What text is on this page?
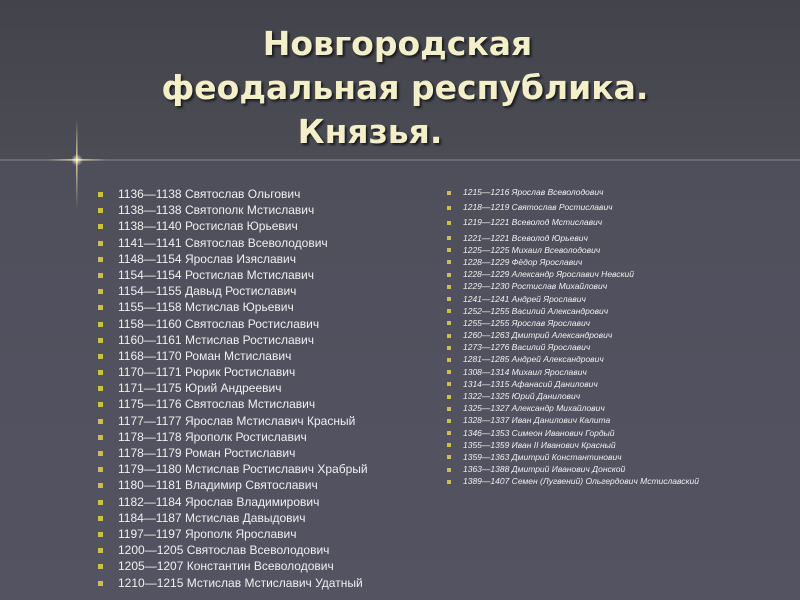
Новгородская
феодальная республика.
Князья.
1136—1138 Святослав Ольгович
1138—1138 Святополк Мстиславич
1138—1140 Ростислав Юрьевич
1141—1141 Святослав Всеволодович
1148—1154 Ярослав Изяславич
1154—1154 Ростислав Мстиславич
1154—1155 Давыд Ростиславич
1155—1158 Мстислав Юрьевич
1158—1160 Святослав Ростиславич
1160—1161 Мстислав Ростиславич
1168—1170 Роман Мстиславич
1170—1171 Рюрик Ростиславич
1171—1175 Юрий Андреевич
1175—1176 Святослав Мстиславич
1177—1177 Ярослав Мстиславич Красный
1178—1178 Ярополк Ростиславич
1178—1179 Роман Ростиславич
1179—1180 Мстислав Ростиславич Храбрый
1180—1181 Владимир Святославич
1182—1184 Ярослав Владимирович
1184—1187 Мстислав Давыдович
1197—1197 Ярополк Ярославич
1200—1205 Святослав Всеволодович
1205—1207 Константин Всеволодович
1210—1215 Мстислав Мстиславич Удатный
1215—1216 Ярослав Всеволодович
1218—1219 Святослав Ростиславич
1219—1221 Всеволод Мстиславич
1221—1221 Всеволод Юрьевич
1225—1225 Михаил Всеволодович
1228—1229 Фёдор Ярославич
1228—1229 Александр Ярославич Невский
1229—1230 Ростислав Михайлович
1241—1241 Андрей Ярославич
1252—1255 Василий Александрович
1255—1255 Ярослав Ярославич
1260—1263 Дмитрий Александрович
1273—1276 Василий Ярославич
1281—1285 Андрей Александрович
1308—1314 Михаил Ярославич
1314—1315 Афанасий Данилович
1322—1325 Юрий Данилович
1325—1327 Александр Михайлович
1328—1337 Иван Данилович Калита
1346—1353 Симеон Иванович Гордый
1355—1359 Иван II Иванович Красный
1359—1363 Дмитрий Константинович
1363—1388 Дмитрий Иванович Донской
1389—1407 Семен (Лугвений) Ольгердович Мстиславский
